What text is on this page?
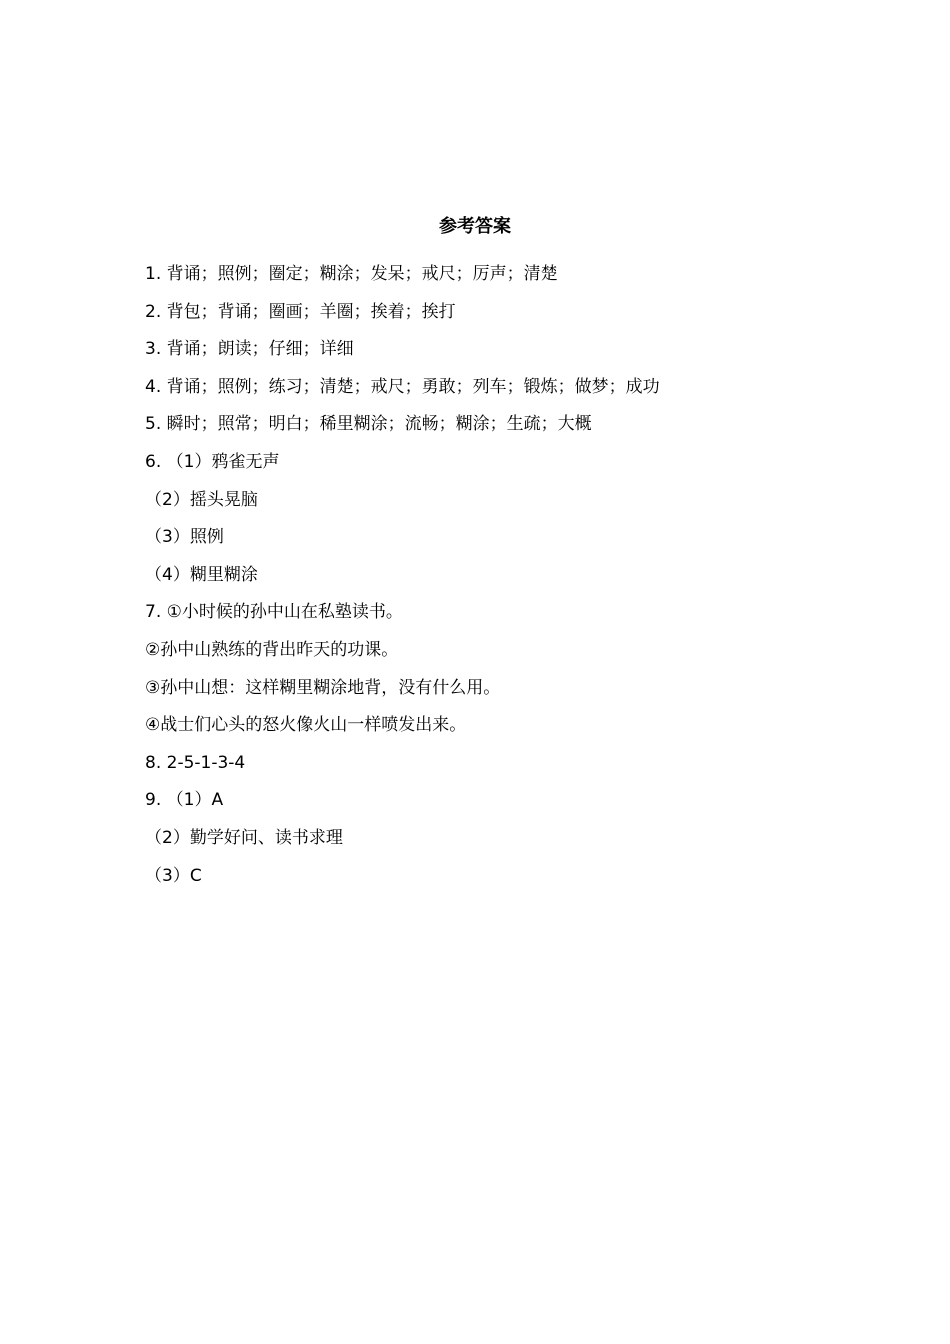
参考答案
1. 背诵；照例；圈定；糊涂；发呆；戒尺；厉声；清楚
2. 背包；背诵；圈画；羊圈；挨着；挨打
3. 背诵；朗读；仔细；详细
4. 背诵；照例；练习；清楚；戒尺；勇敢；列车；锻炼；做梦；成功
5. 瞬时；照常；明白；稀里糊涂；流畅；糊涂；生疏；大概
6. （1）鸦雀无声
（2）摇头晃脑
（3）照例
（4）糊里糊涂
7. ①小时候的孙中山在私塾读书。
②孙中山熟练的背出昨天的功课。
③孙中山想：这样糊里糊涂地背，没有什么用。
④战士们心头的怒火像火山一样喷发出来。
8. 2-5-1-3-4
9. （1）A
（2）勤学好问、读书求理
（3）C
